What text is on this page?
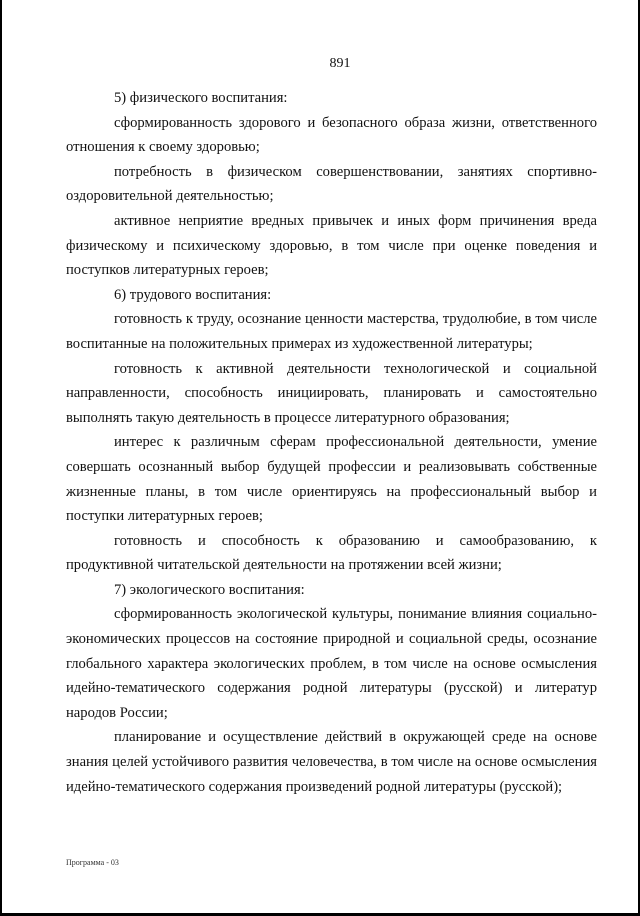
891

5) физического воспитания:

сформированность здорового и безопасного образа жизни, ответственного отношения к своему здоровью;

потребность в физическом совершенствовании, занятиях спортивно-оздоровительной деятельностью;

активное неприятие вредных привычек и иных форм причинения вреда физическому и психическому здоровью, в том числе при оценке поведения и поступков литературных героев;

6) трудового воспитания:

готовность к труду, осознание ценности мастерства, трудолюбие, в том числе воспитанные на положительных примерах из художественной литературы;

готовность к активной деятельности технологической и социальной направленности, способность инициировать, планировать и самостоятельно выполнять такую деятельность в процессе литературного образования;

интерес к различным сферам профессиональной деятельности, умение совершать осознанный выбор будущей профессии и реализовывать собственные жизненные планы, в том числе ориентируясь на профессиональный выбор и поступки литературных героев;

готовность и способность к образованию и самообразованию, к продуктивной читательской деятельности на протяжении всей жизни;

7) экологического воспитания:

сформированность экологической культуры, понимание влияния социально-экономических процессов на состояние природной и социальной среды, осознание глобального характера экологических проблем, в том числе на основе осмысления идейно-тематического содержания родной литературы (русской) и литератур народов России;

планирование и осуществление действий в окружающей среде на основе знания целей устойчивого развития человечества, в том числе на основе осмысления идейно-тематического содержания произведений родной литературы (русской);

Программа - 03
